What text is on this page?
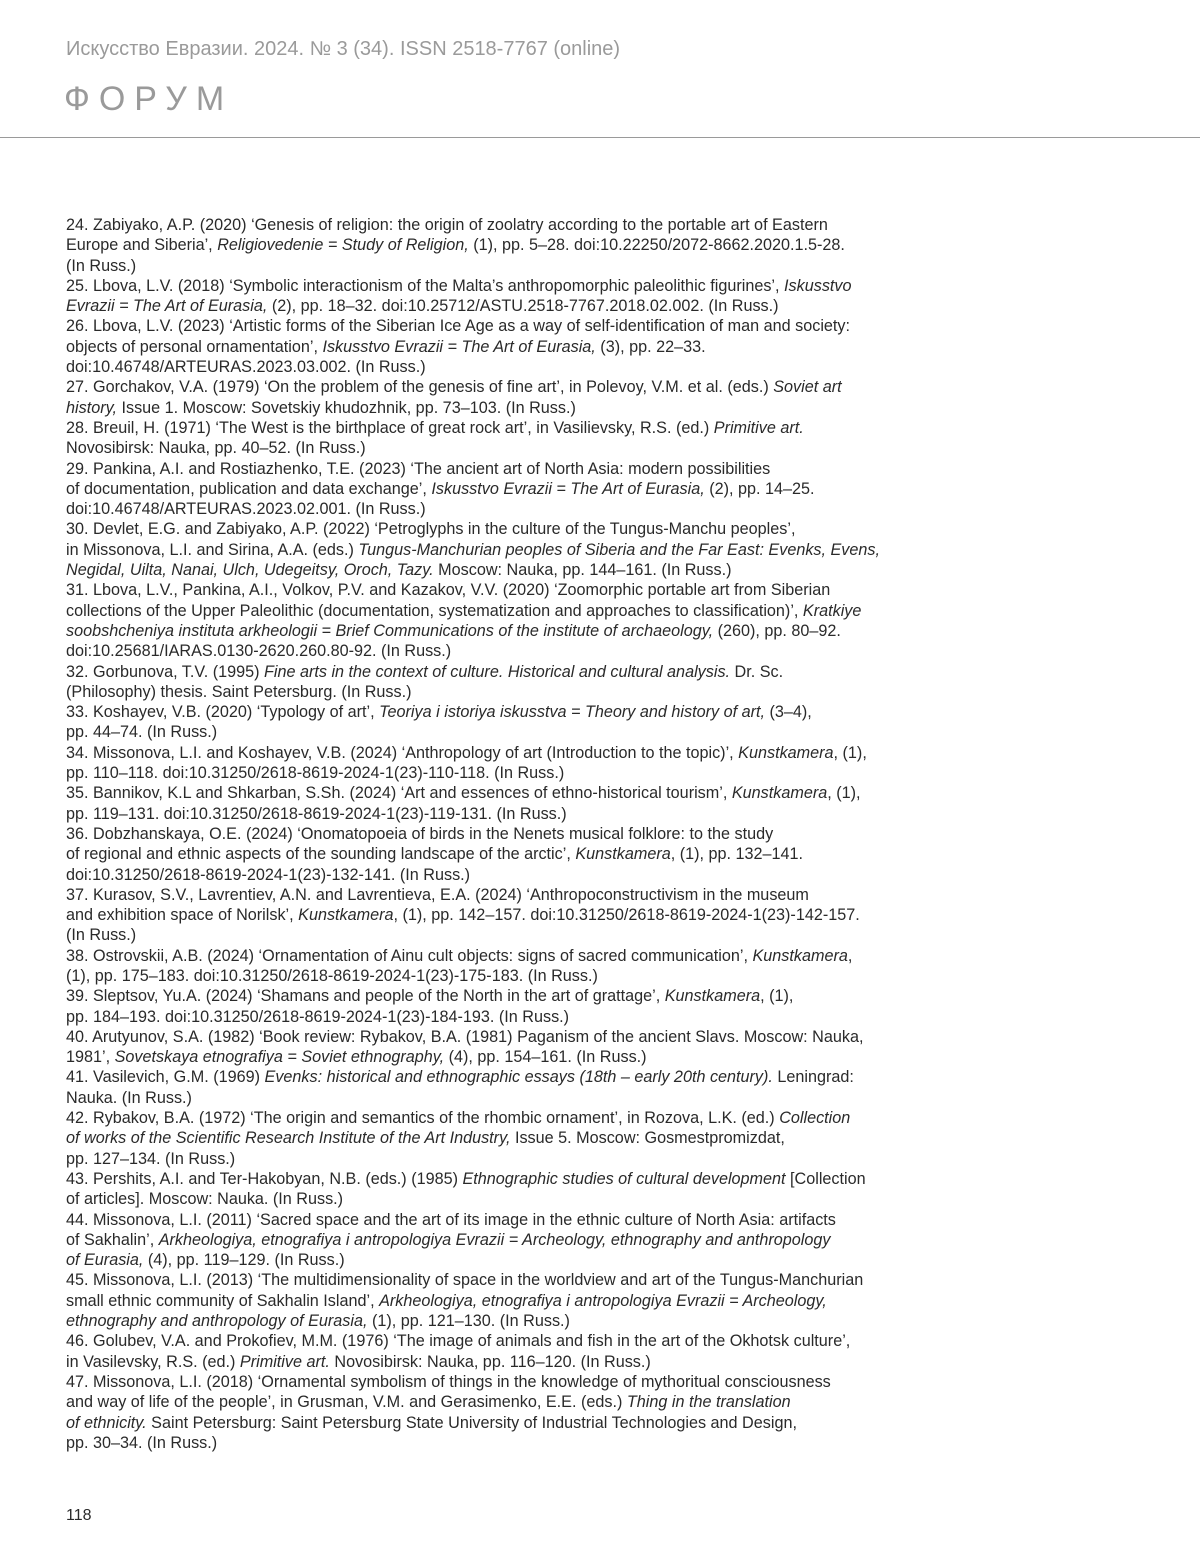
Искусство Евразии. 2024. № 3 (34). ISSN 2518-7767 (online)
ФОРУМ

24. Zabiyako, A.P. (2020) ‘Genesis of religion: the origin of zoolatry according to the portable art of Eastern
Europe and Siberia’, Religiovedenie = Study of Religion, (1), pp. 5–28. doi:10.22250/2072-8662.2020.1.5-28.
(In Russ.)

25. Lbova, L.V. (2018) ‘Symbolic interactionism of the Malta’s anthropomorphic paleolithic figurines’, Iskusstvo
Evrazii = The Art of Eurasia, (2), pp. 18–32. doi:10.25712/ASTU.2518-7767.2018.02.002. (In Russ.)

26. Lbova, L.V. (2023) ‘Artistic forms of the Siberian Ice Age as a way of self-identification of man and society:
objects of personal ornamentation’, Iskusstvo Evrazii = The Art of Eurasia, (3), pp. 22–33.
doi:10.46748/ARTEURAS.2023.03.002. (In Russ.)

27. Gorchakov, V.A. (1979) ‘On the problem of the genesis of fine art’, in Polevoy, V.M. et al. (eds.) Soviet art
history, Issue 1. Moscow: Sovetskiy khudozhnik, pp. 73–103. (In Russ.)

28. Breuil, H. (1971) ‘The West is the birthplace of great rock art’, in Vasilievsky, R.S. (ed.) Primitive art.
Novosibirsk: Nauka, pp. 40–52. (In Russ.)

29. Pankina, A.I. and Rostiazhenko, T.E. (2023) ‘The ancient art of North Asia: modern possibilities
of documentation, publication and data exchange’, Iskusstvo Evrazii = The Art of Eurasia, (2), pp. 14–25.
doi:10.46748/ARTEURAS.2023.02.001. (In Russ.)

30. Devlet, E.G. and Zabiyako, A.P. (2022) ‘Petroglyphs in the culture of the Tungus-Manchu peoples’,
in Missonova, L.I. and Sirina, A.A. (eds.) Tungus-Manchurian peoples of Siberia and the Far East: Evenks, Evens,
Negidal, Uilta, Nanai, Ulch, Udegeitsy, Oroch, Tazy. Moscow: Nauka, pp. 144–161. (In Russ.)

31. Lbova, L.V., Pankina, A.I., Volkov, P.V. and Kazakov, V.V. (2020) ‘Zoomorphic portable art from Siberian
collections of the Upper Paleolithic (documentation, systematization and approaches to classification)’, Kratkiye
soobshcheniya instituta arkheologii = Brief Communications of the institute of archaeology, (260), pp. 80–92.
doi:10.25681/IARAS.0130-2620.260.80-92. (In Russ.)

32. Gorbunova, T.V. (1995) Fine arts in the context of culture. Historical and cultural analysis. Dr. Sc.
(Philosophy) thesis. Saint Petersburg. (In Russ.)

33. Koshayev, V.B. (2020) ‘Typology of art’, Teoriya i istoriya iskusstva = Theory and history of art, (3–4),
pp. 44–74. (In Russ.)

34. Missonova, L.I. and Koshayev, V.B. (2024) ‘Anthropology of art (Introduction to the topic)’, Kunstkamera, (1),
pp. 110–118. doi:10.31250/2618-8619-2024-1(23)-110-118. (In Russ.)

35. Bannikov, K.L and Shkarban, S.Sh. (2024) ‘Art and essences of ethno-historical tourism’, Kunstkamera, (1),
pp. 119–131. doi:10.31250/2618-8619-2024-1(23)-119-131. (In Russ.)

36. Dobzhanskaya, O.E. (2024) ‘Onomatopoeia of birds in the Nenets musical folklore: to the study
of regional and ethnic aspects of the sounding landscape of the arctic’, Kunstkamera, (1), pp. 132–141.
doi:10.31250/2618-8619-2024-1(23)-132-141. (In Russ.)

37. Kurasov, S.V., Lavrentiev, A.N. and Lavrentieva, E.A. (2024) ‘Anthropoconstructivism in the museum
and exhibition space of Norilsk’, Kunstkamera, (1), pp. 142–157. doi:10.31250/2618-8619-2024-1(23)-142-157.
(In Russ.)

38. Ostrovskii, A.B. (2024) ‘Ornamentation of Ainu cult objects: signs of sacred communication’, Kunstkamera,
(1), pp. 175–183. doi:10.31250/2618-8619-2024-1(23)-175-183. (In Russ.)

39. Sleptsov, Yu.A. (2024) ‘Shamans and people of the North in the art of grattage’, Kunstkamera, (1),
pp. 184–193. doi:10.31250/2618-8619-2024-1(23)-184-193. (In Russ.)

40. Arutyunov, S.A. (1982) ‘Book review: Rybakov, B.A. (1981) Paganism of the ancient Slavs. Moscow: Nauka,
1981’, Sovetskaya etnografiya = Soviet ethnography, (4), pp. 154–161. (In Russ.)

41. Vasilevich, G.M. (1969) Evenks: historical and ethnographic essays (18th – early 20th century). Leningrad:
Nauka. (In Russ.)

42. Rybakov, B.A. (1972) ‘The origin and semantics of the rhombic ornament’, in Rozova, L.K. (ed.) Collection
of works of the Scientific Research Institute of the Art Industry, Issue 5. Moscow: Gosmestpromizdat,
pp. 127–134. (In Russ.)

43. Pershits, A.I. and Ter-Hakobyan, N.B. (eds.) (1985) Ethnographic studies of cultural development [Collection
of articles]. Moscow: Nauka. (In Russ.)

44. Missonova, L.I. (2011) ‘Sacred space and the art of its image in the ethnic culture of North Asia: artifacts
of Sakhalin’, Arkheologiya, etnografiya i antropologiya Evrazii = Archeology, ethnography and anthropology
of Eurasia, (4), pp. 119–129. (In Russ.)

45. Missonova, L.I. (2013) ‘The multidimensionality of space in the worldview and art of the Tungus-Manchurian
small ethnic community of Sakhalin Island’, Arkheologiya, etnografiya i antropologiya Evrazii = Archeology,
ethnography and anthropology of Eurasia, (1), pp. 121–130. (In Russ.)

46. Golubev, V.A. and Prokofiev, M.M. (1976) ‘The image of animals and fish in the art of the Okhotsk culture’,
in Vasilevsky, R.S. (ed.) Primitive art. Novosibirsk: Nauka, pp. 116–120. (In Russ.)

47. Missonova, L.I. (2018) ‘Ornamental symbolism of things in the knowledge of mythoritual consciousness
and way of life of the people’, in Grusman, V.M. and Gerasimenko, E.E. (eds.) Thing in the translation
of ethnicity. Saint Petersburg: Saint Petersburg State University of Industrial Technologies and Design,
pp. 30–34. (In Russ.)

118
